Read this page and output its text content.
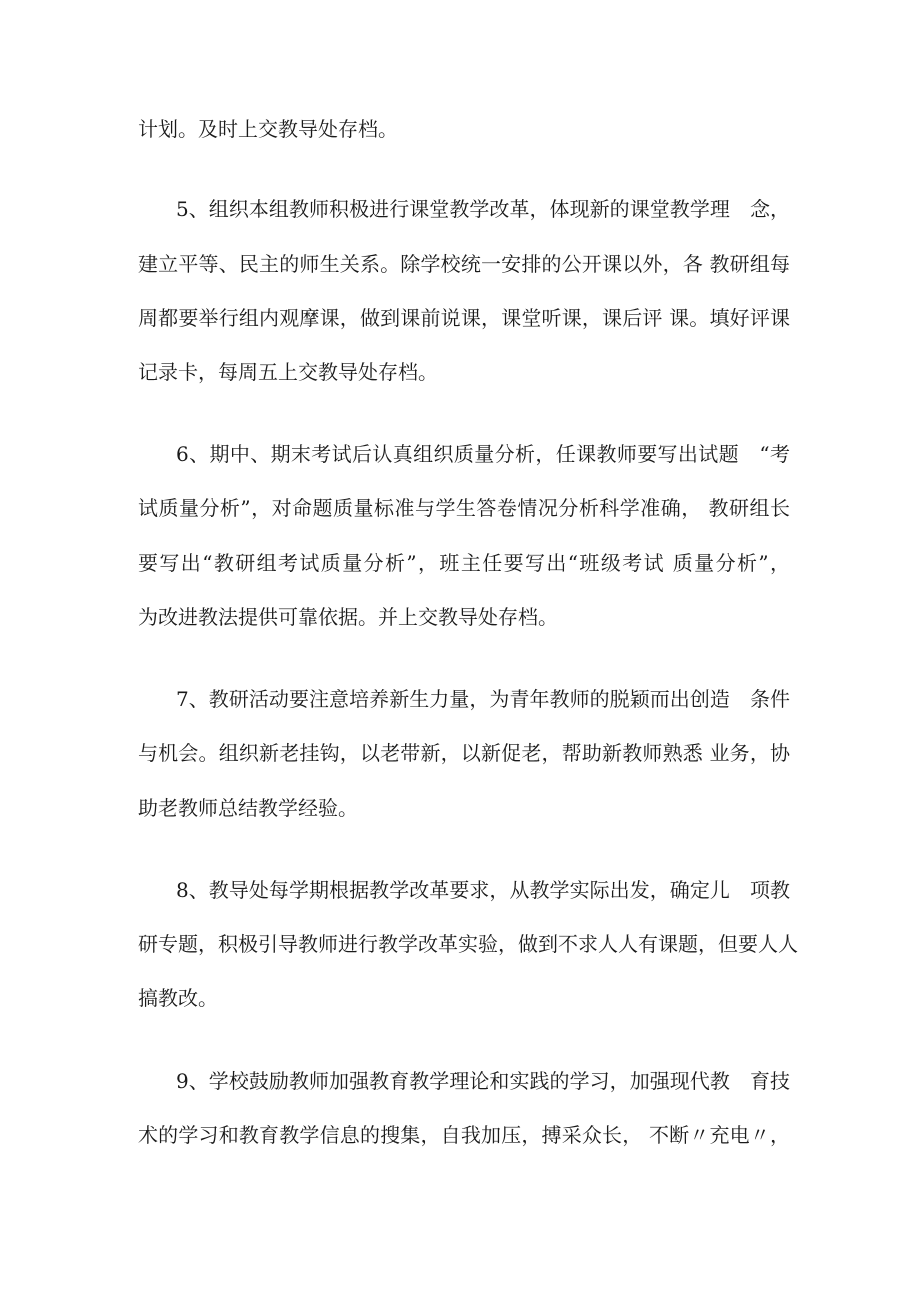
计划。及时上交教导处存档。
5、组织本组教师积极进行课堂教学改革，体现新的课堂教学理　念，
建立平等、民主的师生关系。除学校统一安排的公开课以外，各 教研组每
周都要举行组内观摩课，做到课前说课，课堂听课，课后评 课。填好评课
记录卡，每周五上交教导处存档。
6、期中、期末考试后认真组织质量分析，任课教师要写出试题　“考
试质量分析”，对命题质量标准与学生答卷情况分析科学准确， 教研组长
要写出“教研组考试质量分析”，班主任要写出“班级考试 质量分析”，
为改进教法提供可靠依据。并上交教导处存档。
7、教研活动要注意培养新生力量，为青年教师的脱颖而出创造　条件
与机会。组织新老挂钩，以老带新，以新促老，帮助新教师熟悉 业务，协
助老教师总结教学经验。
8、教导处每学期根据教学改革要求，从教学实际出发，确定儿　项教
研专题，积极引导教师进行教学改革实验，做到不求人人有课题，但要人人
搞教改。
9、学校鼓励教师加强教育教学理论和实践的学习，加强现代教　育技
术的学习和教育教学信息的搜集，自我加压，搏采众长， 不断〃充电〃，
